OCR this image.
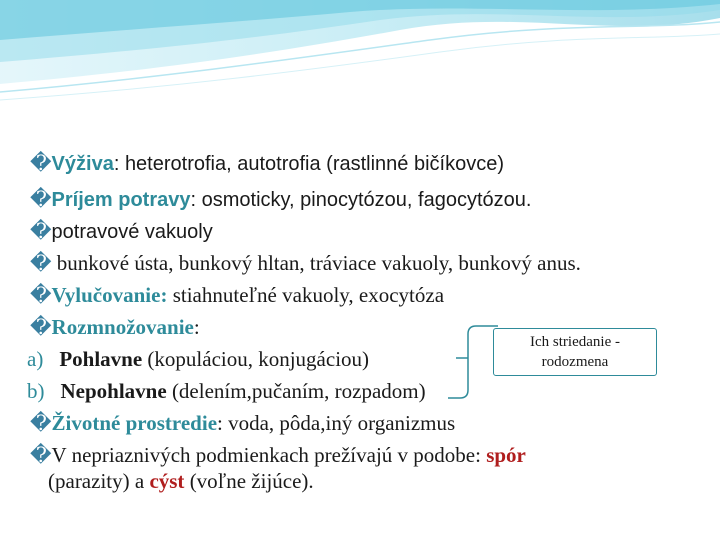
�Výživa: heterotrofia, autotrofia (rastlinné bičíkovce)
�Príjem potravy: osmoticky, pinocytózou, fagocytózou.
�potravové vakuoly
� bunkové ústa, bunkový hltan, tráviace vakuoly, bunkový anus.
�Vylučovanie: stiahnuteľné vakuoly, exocytóza
�Rozmnožovanie:
a) Pohlavne (kopuláciou, konjugáciou)
b) Nepohlavne (delením,pučaním, rozpadom)
�Životné prostredie: voda, pôda,iný organizmus
�V nepriaznivých podmienkach prežívajú v podobe: spór
(parazity) a cýst (voľne žijúce).
Ich striedanie -
rodozmena
